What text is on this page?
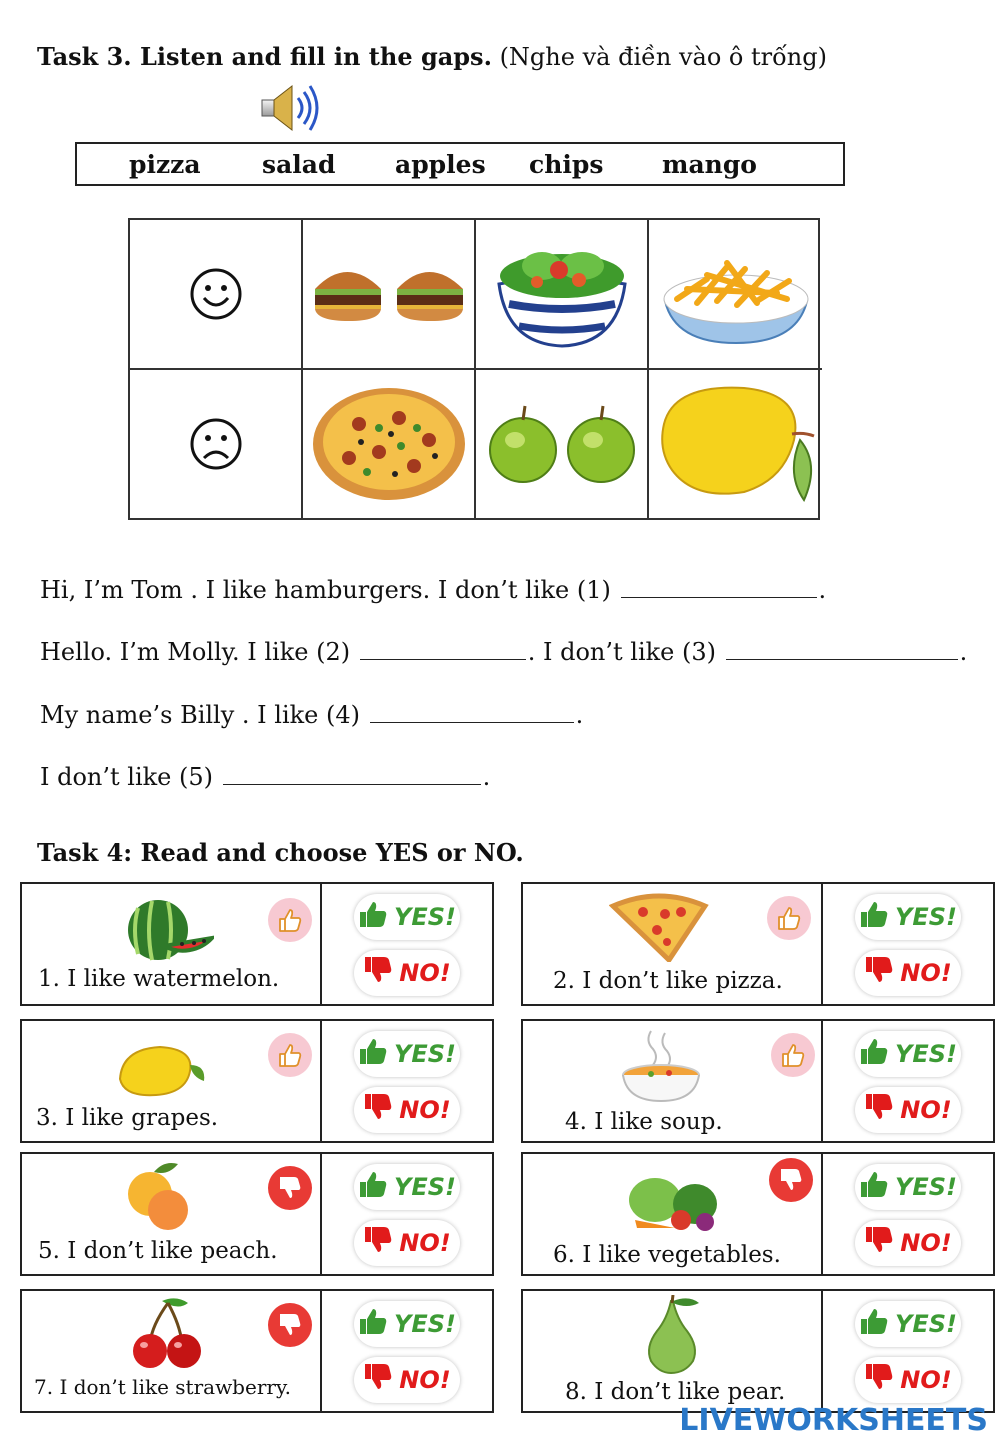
Task 3. Listen and fill in the gaps. (Nghe và điền vào ô trống)
pizza salad apples chips mango
Hi, I’m Tom . I like hamburgers. I don’t like (1)	.
Hello. I’m Molly. I like (2)	. I don’t like (3)	.
My name’s Billy . I like (4)	.
I don’t like (5)	.
Task 4: Read and choose YES or NO.
1. I like watermelon.
YES!
NO!	2. I don’t like pizza.
YES!
NO!
3. I like grapes.
YES!
NO!	4. I like soup.
YES!
NO!
5. I don’t like peach.
YES!
NO!	6. I like vegetables.
YES!
NO!
7. I don’t like strawberry.
YES!
NO!	8. I don’t like pear.
YES!
NO!
LIVEWORKSHEETS
